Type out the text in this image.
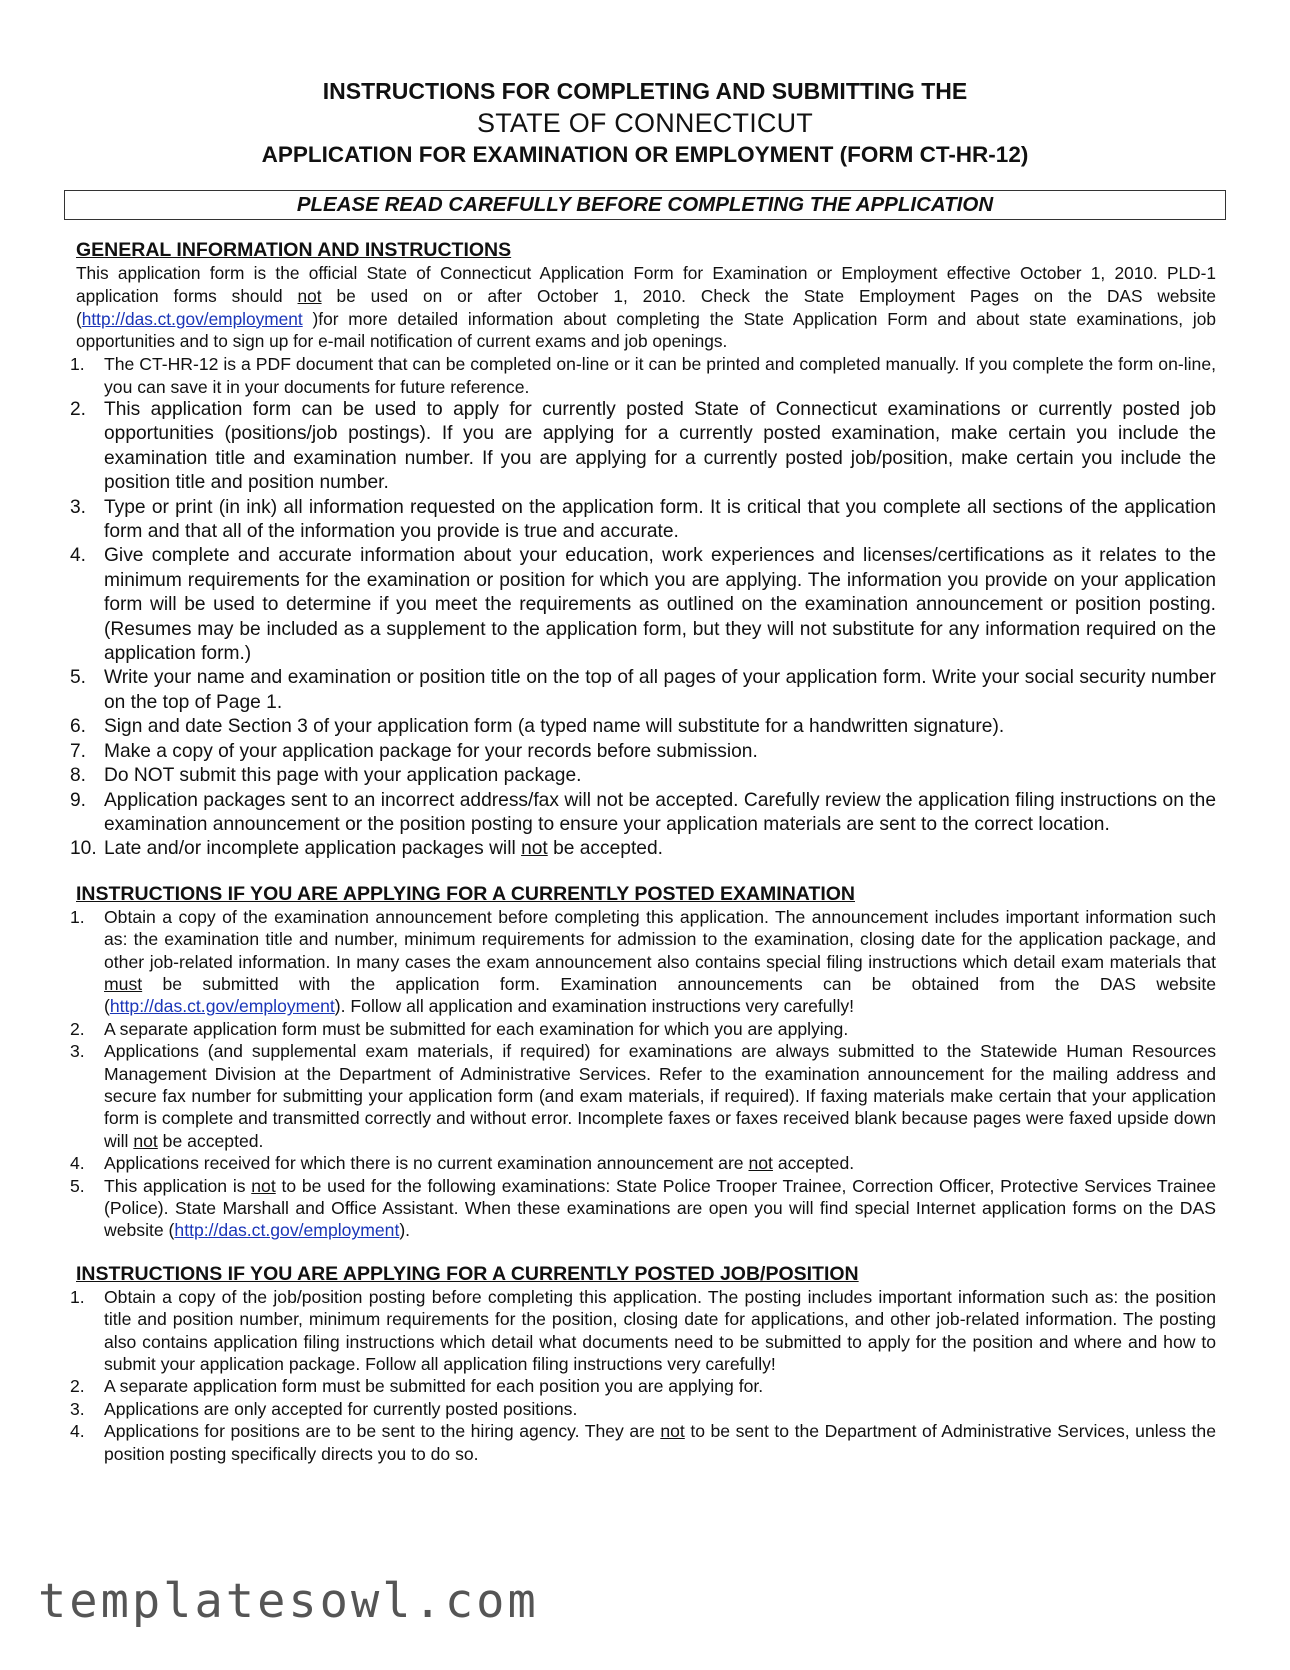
INSTRUCTIONS FOR COMPLETING AND SUBMITTING THE

STATE OF CONNECTICUT

APPLICATION FOR EXAMINATION OR EMPLOYMENT (FORM CT-HR-12)

PLEASE READ CAREFULLY BEFORE COMPLETING THE APPLICATION

GENERAL INFORMATION AND INSTRUCTIONS

This application form is the official State of Connecticut Application Form for Examination or Employment effective October 1, 2010. PLD-1 application forms should not be used on or after October 1, 2010. Check the State Employment Pages on the DAS website (http://das.ct.gov/employment )for more detailed information about completing the State Application Form and about state examinations, job opportunities and to sign up for e-mail notification of current exams and job openings.

1.	The CT-HR-12 is a PDF document that can be completed on-line or it can be printed and completed manually. If you complete the form on-line, you can save it in your documents for future reference.
2. This application form can be used to apply for currently posted State of Connecticut examinations or currently posted job opportunities (positions/job postings). If you are applying for a currently posted examination, make certain you include the examination title and examination number. If you are applying for a currently posted job/position, make certain you include the position title and position number.
3. Type or print (in ink) all information requested on the application form. It is critical that you complete all sections of the application form and that all of the information you provide is true and accurate.
4. Give complete and accurate information about your education, work experiences and licenses/certifications as it relates to the minimum requirements for the examination or position for which you are applying. The information you provide on your application form will be used to determine if you meet the requirements as outlined on the examination announcement or position posting. (Resumes may be included as a supplement to the application form, but they will not substitute for any information required on the application form.)
5. Write your name and examination or position title on the top of all pages of your application form. Write your social security number on the top of Page 1.
6. Sign and date Section 3 of your application form (a typed name will substitute for a handwritten signature).
7. Make a copy of your application package for your records before submission.
8. Do NOT submit this page with your application package.
9. Application packages sent to an incorrect address/fax will not be accepted. Carefully review the application filing instructions on the examination announcement or the position posting to ensure your application materials are sent to the correct location.
10. Late and/or incomplete application packages will not be accepted.

INSTRUCTIONS IF YOU ARE APPLYING FOR A CURRENTLY POSTED EXAMINATION

1.	Obtain a copy of the examination announcement before completing this application. The announcement includes important information such as: the examination title and number, minimum requirements for admission to the examination, closing date for the application package, and other job-related information. In many cases the exam announcement also contains special filing instructions which detail exam materials that must be submitted with the application form. Examination announcements can be obtained from the DAS website (http://das.ct.gov/employment). Follow all application and examination instructions very carefully!
2.	A separate application form must be submitted for each examination for which you are applying.
3.	Applications (and supplemental exam materials, if required) for examinations are always submitted to the Statewide Human Resources Management Division at the Department of Administrative Services. Refer to the examination announcement for the mailing address and secure fax number for submitting your application form (and exam materials, if required). If faxing materials make certain that your application form is complete and transmitted correctly and without error. Incomplete faxes or faxes received blank because pages were faxed upside down will not be accepted.
4.	Applications received for which there is no current examination announcement are not accepted.
5.	This application is not to be used for the following examinations: State Police Trooper Trainee, Correction Officer, Protective Services Trainee (Police). State Marshall and Office Assistant. When these examinations are open you will find special Internet application forms on the DAS website (http://das.ct.gov/employment).

INSTRUCTIONS IF YOU ARE APPLYING FOR A CURRENTLY POSTED JOB/POSITION

1.	Obtain a copy of the job/position posting before completing this application. The posting includes important information such as: the position title and position number, minimum requirements for the position, closing date for applications, and other job-related information. The posting also contains application filing instructions which detail what documents need to be submitted to apply for the position and where and how to submit your application package. Follow all application filing instructions very carefully!
2.	A separate application form must be submitted for each position you are applying for.
3.	Applications are only accepted for currently posted positions.
4.	Applications for positions are to be sent to the hiring agency. They are not to be sent to the Department of Administrative Services, unless the position posting specifically directs you to do so.
templatesowl.com
